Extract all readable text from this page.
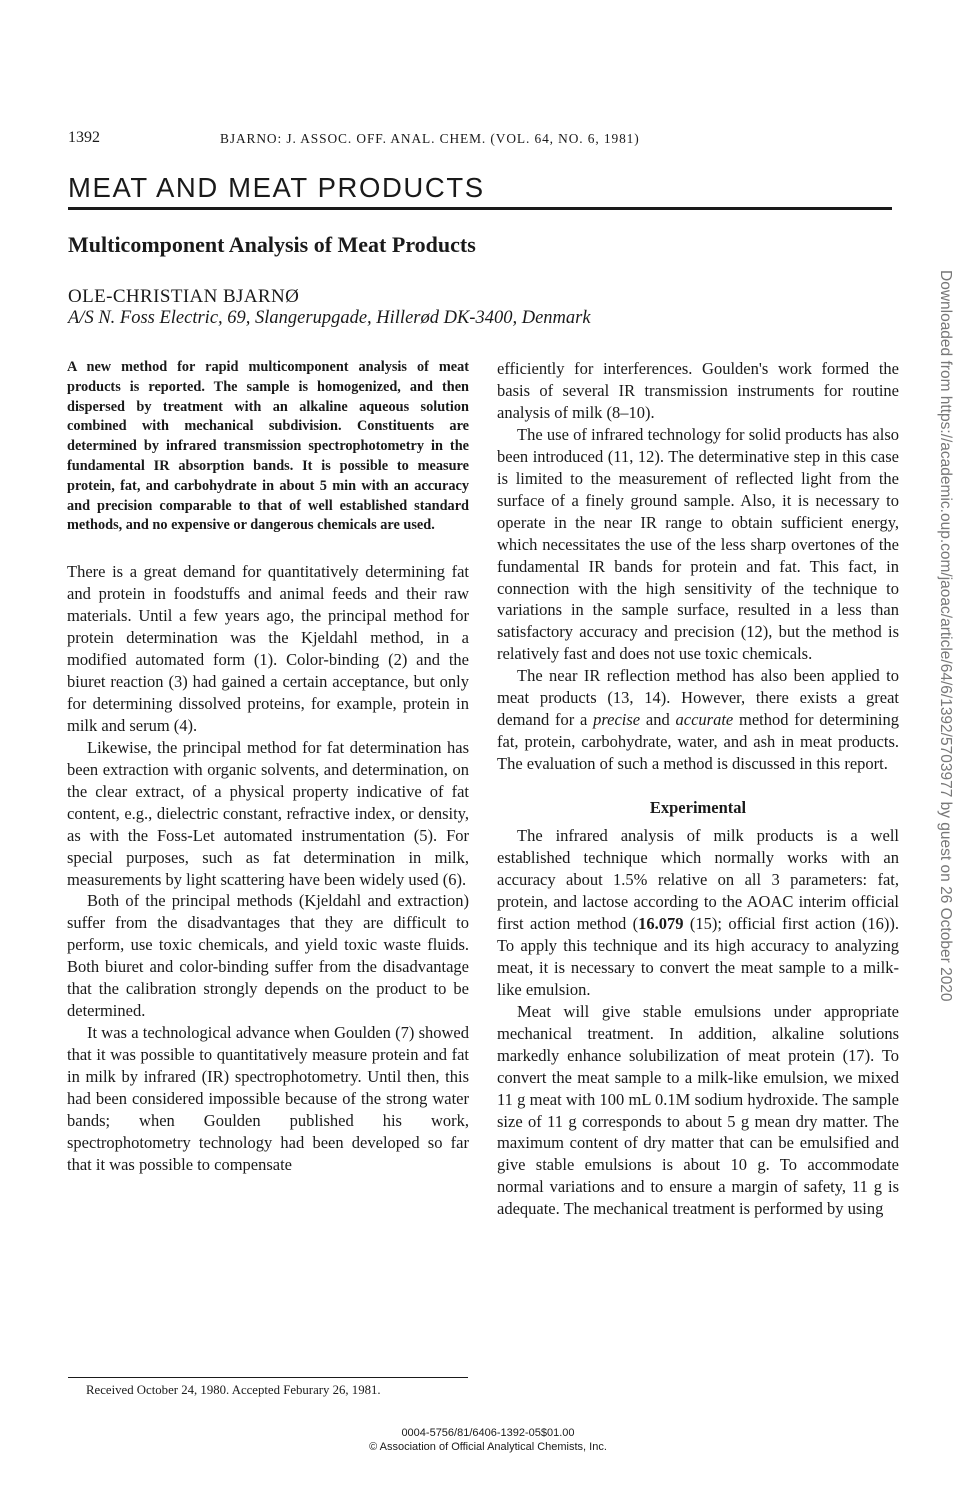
1392	BJARNO: J. ASSOC. OFF. ANAL. CHEM. (VOL. 64, NO. 6, 1981)
MEAT AND MEAT PRODUCTS
Multicomponent Analysis of Meat Products
OLE-CHRISTIAN BJARNØ
A/S N. Foss Electric, 69, Slangerupgade, Hillerød DK-3400, Denmark

A new method for rapid multicomponent analysis of meat products is reported. The sample is homogenized, and then dispersed by treatment with an alkaline aqueous solution combined with mechanical subdivision. Constituents are determined by infrared transmission spectrophotometry in the fundamental IR absorption bands. It is possible to measure protein, fat, and carbohydrate in about 5 min with an accuracy and precision comparable to that of well established standard methods, and no expensive or dangerous chemicals are used.

There is a great demand for quantitatively determining fat and protein in foodstuffs and animal feeds and their raw materials. Until a few years ago, the principal method for protein determination was the Kjeldahl method, in a modified automated form (1). Color-binding (2) and the biuret reaction (3) had gained a certain acceptance, but only for determining dissolved proteins, for example, protein in milk and serum (4).

Likewise, the principal method for fat determination has been extraction with organic solvents, and determination, on the clear extract, of a physical property indicative of fat content, e.g., dielectric constant, refractive index, or density, as with the Foss-Let automated instrumentation (5). For special purposes, such as fat determination in milk, measurements by light scattering have been widely used (6).

Both of the principal methods (Kjeldahl and extraction) suffer from the disadvantages that they are difficult to perform, use toxic chemicals, and yield toxic waste fluids. Both biuret and color-binding suffer from the disadvantage that the calibration strongly depends on the product to be determined.

It was a technological advance when Goulden (7) showed that it was possible to quantitatively measure protein and fat in milk by infrared (IR) spectrophotometry. Until then, this had been considered impossible because of the strong water bands; when Goulden published his work, spectrophotometry technology had been developed so far that it was possible to compensate

efficiently for interferences. Goulden's work formed the basis of several IR transmission instruments for routine analysis of milk (8–10).

The use of infrared technology for solid products has also been introduced (11, 12). The determinative step in this case is limited to the measurement of reflected light from the surface of a finely ground sample. Also, it is necessary to operate in the near IR range to obtain sufficient energy, which necessitates the use of the less sharp overtones of the fundamental IR bands for protein and fat. This fact, in connection with the high sensitivity of the technique to variations in the sample surface, resulted in a less than satisfactory accuracy and precision (12), but the method is relatively fast and does not use toxic chemicals.

The near IR reflection method has also been applied to meat products (13, 14). However, there exists a great demand for a precise and accurate method for determining fat, protein, carbohydrate, water, and ash in meat products. The evaluation of such a method is discussed in this report.

Experimental

The infrared analysis of milk products is a well established technique which normally works with an accuracy about 1.5% relative on all 3 parameters: fat, protein, and lactose according to the AOAC interim official first action method (16.079 (15); official first action (16)). To apply this technique and its high accuracy to analyzing meat, it is necessary to convert the meat sample to a milk-like emulsion.

Meat will give stable emulsions under appropriate mechanical treatment. In addition, alkaline solutions markedly enhance solubilization of meat protein (17). To convert the meat sample to a milk-like emulsion, we mixed 11 g meat with 100 mL 0.1M sodium hydroxide. The sample size of 11 g corresponds to about 5 g mean dry matter. The maximum content of dry matter that can be emulsified and give stable emulsions is about 10 g. To accommodate normal variations and to ensure a margin of safety, 11 g is adequate. The mechanical treatment is performed by using

Received October 24, 1980. Accepted Feburary 26, 1981.
0004-5756/81/6406-1392-05$01.00
© Association of Official Analytical Chemists, Inc.
Downloaded from https://academic.oup.com/jaoac/article/64/6/1392/5703977 by guest on 26 October 2020
